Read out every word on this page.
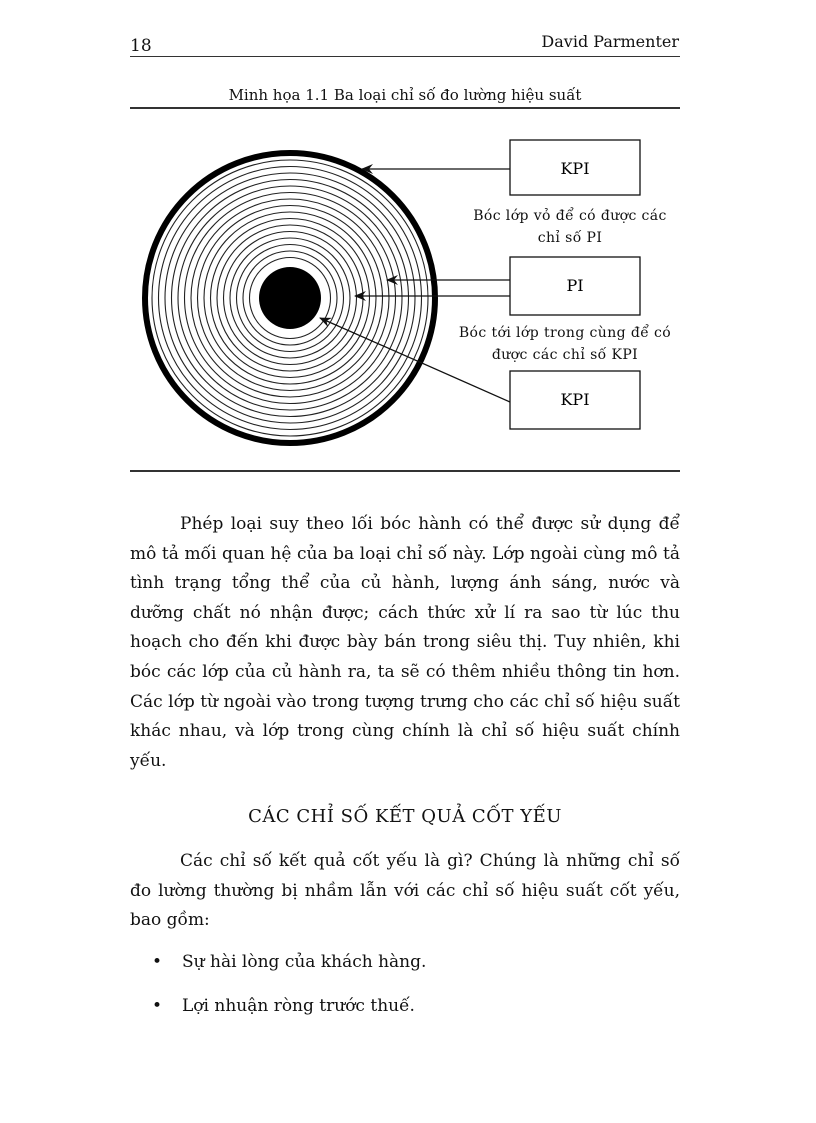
18	David Parmenter
Minh họa 1.1 Ba loại chỉ số đo lường hiệu suất
KPI
PI
KPI
Bóc lớp vỏ để có được các chỉ số PI
Bóc tới lớp trong cùng để có được các chỉ số KPI

Phép loại suy theo lối bóc hành có thể được sử dụng để mô tả mối quan hệ của ba loại chỉ số này. Lớp ngoài cùng mô tả tình trạng tổng thể của củ hành, lượng ánh sáng, nước và dưỡng chất nó nhận được; cách thức xử lí ra sao từ lúc thu hoạch cho đến khi được bày bán trong siêu thị. Tuy nhiên, khi bóc các lớp của củ hành ra, ta sẽ có thêm nhiều thông tin hơn. Các lớp từ ngoài vào trong tượng trưng cho các chỉ số hiệu suất khác nhau, và lớp trong cùng chính là chỉ số hiệu suất chính yếu.

CÁC CHỈ SỐ KẾT QUẢ CỐT YẾU

Các chỉ số kết quả cốt yếu là gì? Chúng là những chỉ số đo lường thường bị nhầm lẫn với các chỉ số hiệu suất cốt yếu, bao gồm:

• Sự hài lòng của khách hàng.
• Lợi nhuận ròng trước thuế.
